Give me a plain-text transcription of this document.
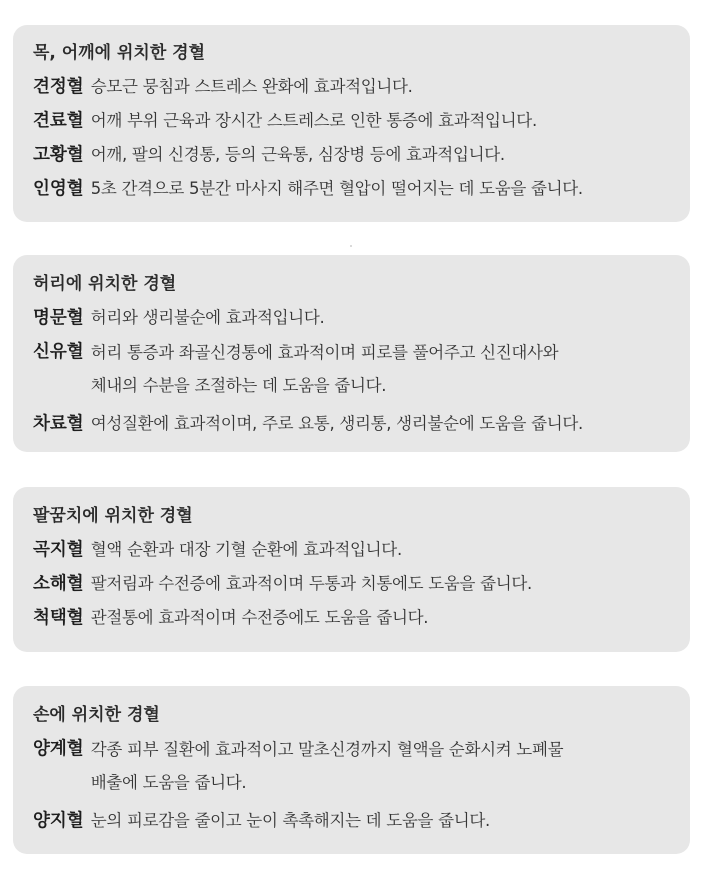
목, 어깨에 위치한 경혈
견정혈 승모근 뭉침과 스트레스 완화에 효과적입니다.
견료혈 어깨 부위 근육과 장시간 스트레스로 인한 통증에 효과적입니다.
고황혈 어깨, 팔의 신경통, 등의 근육통, 심장병 등에 효과적입니다.
인영혈 5초 간격으로 5분간 마사지 해주면 혈압이 떨어지는 데 도움을 줍니다.
허리에 위치한 경혈
명문혈 허리와 생리불순에 효과적입니다.
신유혈 허리 통증과 좌골신경통에 효과적이며 피로를 풀어주고 신진대사와
체내의 수분을 조절하는 데 도움을 줍니다.
차료혈 여성질환에 효과적이며, 주로 요통, 생리통, 생리불순에 도움을 줍니다.
팔꿈치에 위치한 경혈
곡지혈 혈액 순환과 대장 기혈 순환에 효과적입니다.
소해혈 팔저림과 수전증에 효과적이며 두통과 치통에도 도움을 줍니다.
척택혈 관절통에 효과적이며 수전증에도 도움을 줍니다.
손에 위치한 경혈
양계혈 각종 피부 질환에 효과적이고 말초신경까지 혈액을 순화시켜 노폐물
배출에 도움을 줍니다.
양지혈 눈의 피로감을 줄이고 눈이 촉촉해지는 데 도움을 줍니다.
